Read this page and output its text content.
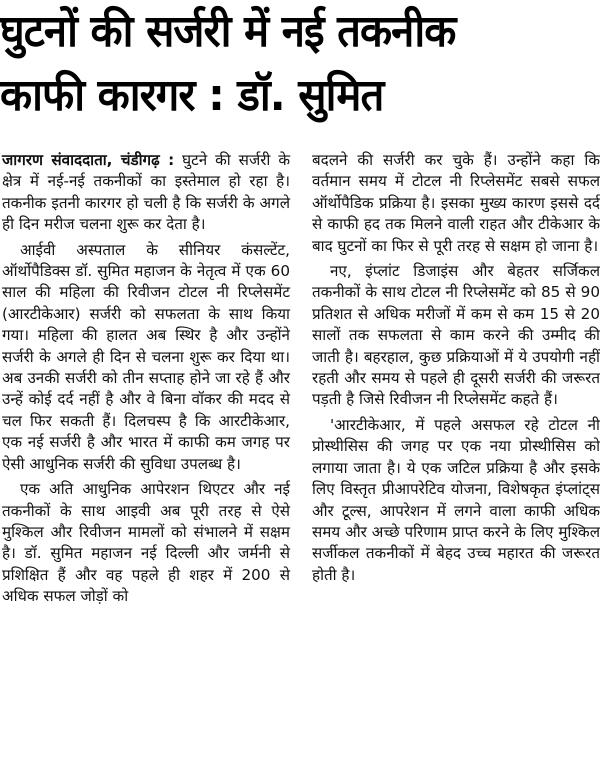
घुटनों की सर्जरी में नई तकनीक
काफी कारगर : डॉ. सुमित

जागरण संवाददाता, चंडीगढ़ : घुटने की सर्जरी के क्षेत्र में नई-नई तकनीकों का इस्तेमाल हो रहा है। तकनीक इतनी कारगर हो चली है कि सर्जरी के अगले ही दिन मरीज चलना शुरू कर देता है।

आईवी अस्पताल के सीनियर कंसल्टेंट, ऑर्थोपैडिक्स डॉ. सुमित महाजन के नेतृत्व में एक 60 साल की महिला की रिवीजन टोटल नी रिप्लेसमेंट (आरटीकेआर) सर्जरी को सफलता के साथ किया गया। महिला की हालत अब स्थिर है और उन्होंने सर्जरी के अगले ही दिन से चलना शुरू कर दिया था। अब उनकी सर्जरी को तीन सप्ताह होने जा रहे हैं और उन्हें कोई दर्द नहीं है और वे बिना वॉकर की मदद से चल फिर सकती हैं। दिलचस्प है कि आरटीकेआर, एक नई सर्जरी है और भारत में काफी कम जगह पर ऐसी आधुनिक सर्जरी की सुविधा उपलब्ध है।

एक अति आधुनिक आपेरशन थिएटर और नई तकनीकों के साथ आइवी अब पूरी तरह से ऐसे मुश्किल और रिवीजन मामलों को संभालने में सक्षम है। डॉ. सुमित महाजन नई दिल्ली और जर्मनी से प्रशिक्षित हैं और वह पहले ही शहर में 200 से अधिक सफल जोड़ों को

बदलने की सर्जरी कर चुके हैं। उन्होंने कहा कि वर्तमान समय में टोटल नी रिप्लेसमेंट सबसे सफल ऑर्थोपैडिक प्रक्रिया है। इसका मुख्य कारण इससे दर्द से काफी हद तक मिलने वाली राहत और टीकेआर के बाद घुटनों का फिर से पूरी तरह से सक्षम हो जाना है।

नए, इंप्लांट डिजाइंस और बेहतर सर्जिकल तकनीकों के साथ टोटल नी रिप्लेसमेंट को 85 से 90 प्रतिशत से अधिक मरीजों में कम से कम 15 से 20 सालों तक सफलता से काम करने की उम्मीद की जाती है। बहरहाल, कुछ प्रक्रियाओं में ये उपयोगी नहीं रहती और समय से पहले ही दूसरी सर्जरी की जरूरत पड़ती है जिसे रिवीजन नी रिप्लेसमेंट कहते हैं।

'आरटीकेआर, में पहले असफल रहे टोटल नी प्रोस्थीसिस की जगह पर एक नया प्रोस्थीसिस को लगाया जाता है। ये एक जटिल प्रक्रिया है और इसके लिए विस्तृत प्रीआपरेटिव योजना, विशेषकृत इंप्लांट्स और टूल्स, आपरेशन में लगने वाला काफी अधिक समय और अच्छे परिणाम प्राप्त करने के लिए मुश्किल सर्जीकल तकनीकों में बेहद उच्च महारत की जरूरत होती है।
